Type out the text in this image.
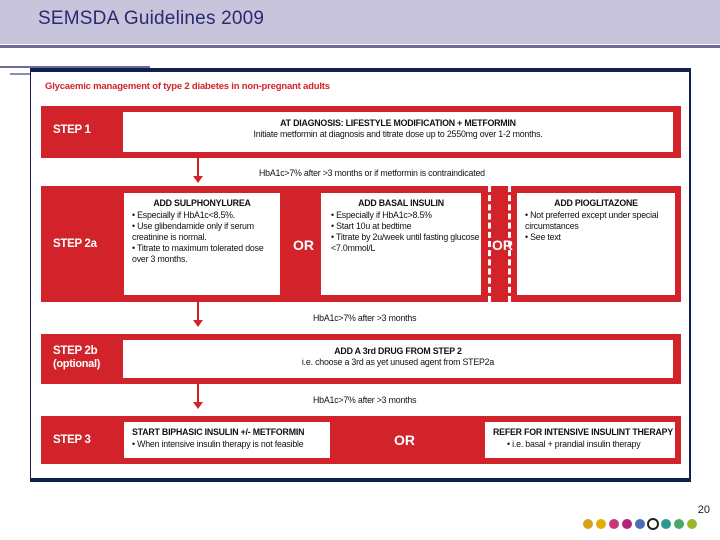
SEMSDA Guidelines 2009
Glycaemic management of type 2 diabetes in non-pregnant adults
STEP 1
AT DIAGNOSIS: LIFESTYLE MODIFICATION + METFORMIN
Initiate metformin at diagnosis and titrate dose up to 2550mg over 1-2 months.
HbA1c>7% after >3 months or if metformin is contraindicated
STEP 2a
ADD SULPHONYLUREA
• Especially if HbA1c<8.5%.
• Use glibendamide only if serum creatinine is normal.
• Titrate to maximum tolerated dose over 3 months.
OR
ADD BASAL INSULIN
• Especially if HbA1c>8.5%
• Start 10u at bedtime
• Titrate by 2u/week until fasting glucose <7.0mmol/L	OR
ADD PIOGLITAZONE
• Not preferred except under special circumstances
• See text
HbA1c>7% after >3 months
STEP 2b
(optional)
ADD A 3rd DRUG FROM STEP 2
i.e. choose a 3rd as yet unused agent from STEP2a
HbA1c>7% after >3 months
STEP 3
START BIPHASIC INSULIN +/- METFORMIN
• When intensive insulin therapy is not feasible	OR	REFER FOR INTENSIVE INSULINT THERAPY
• i.e. basal + prandial insulin therapy
20
